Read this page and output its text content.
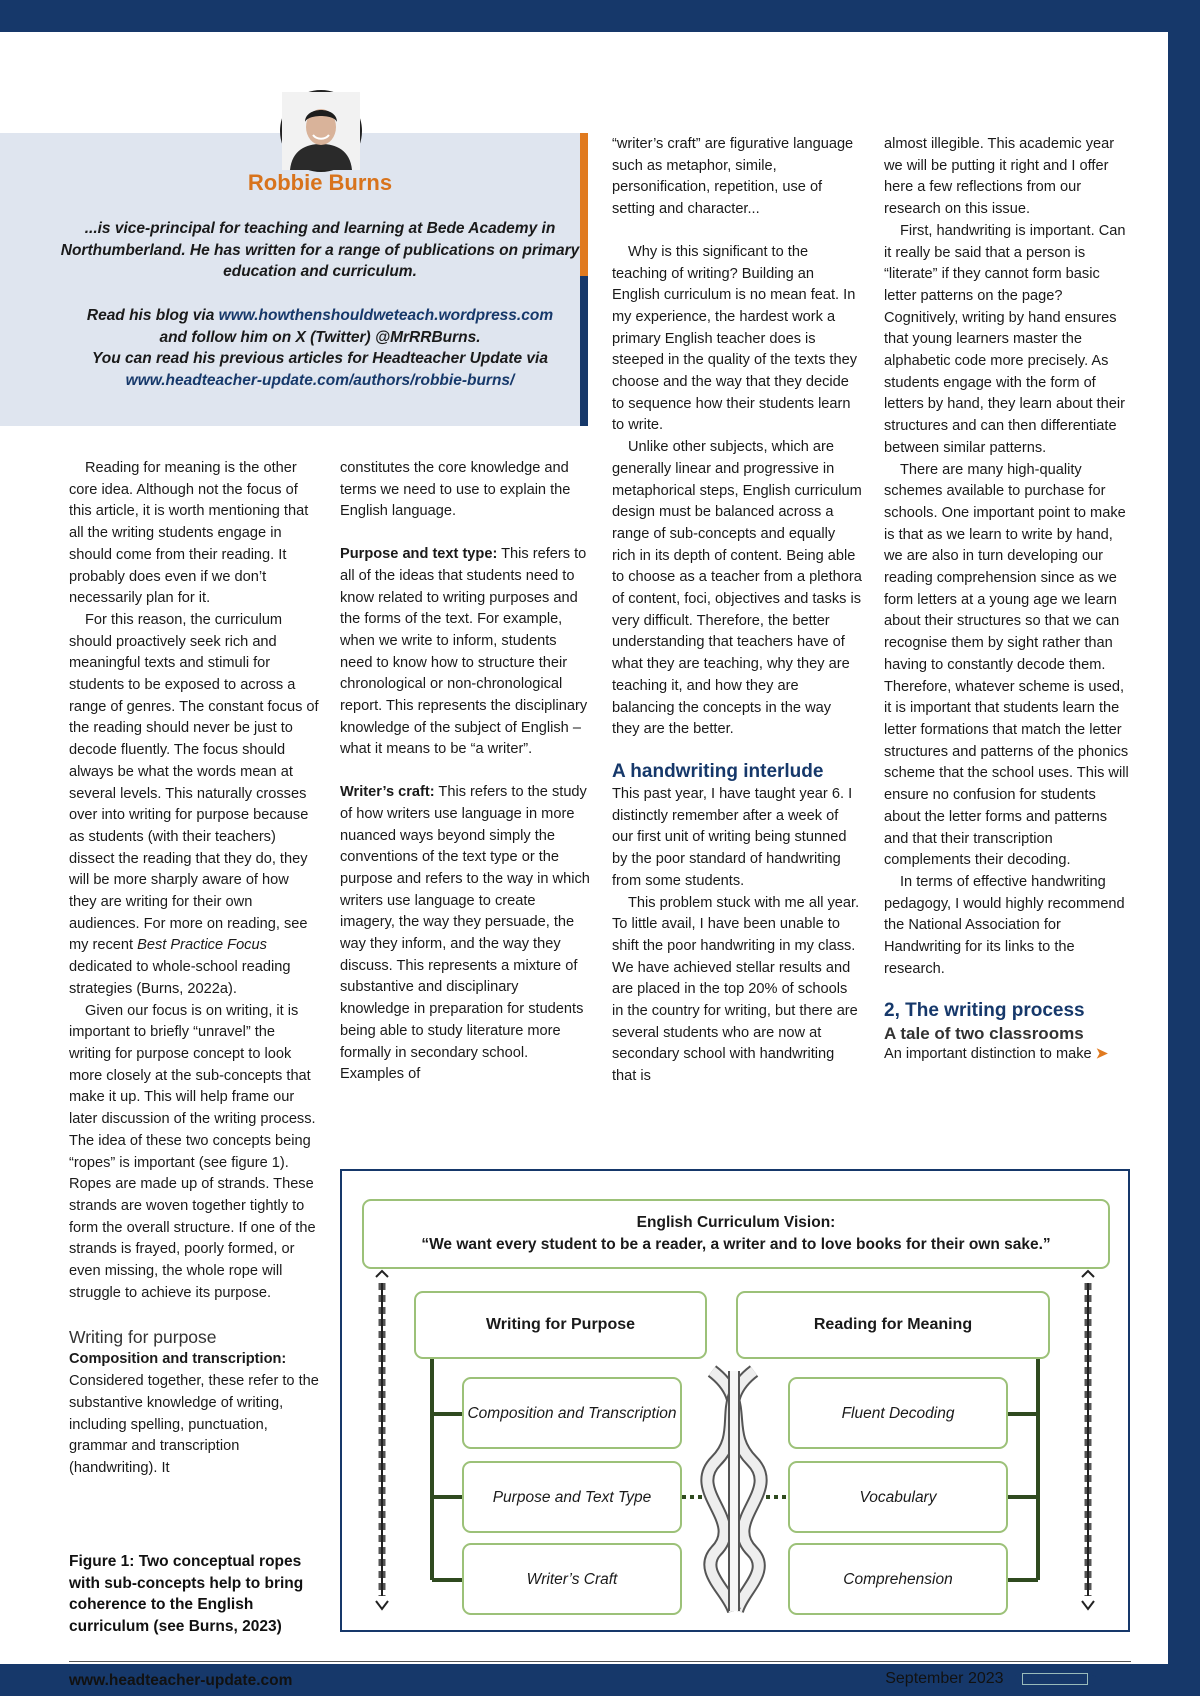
Robbie Burns
...is vice-principal for teaching and learning at Bede Academy in Northumberland. He has written for a range of publications on primary education and curriculum.
Read his blog via www.howthenshouldweteach.wordpress.com
and follow him on X (Twitter) @MrRRBurns.
You can read his previous articles for Headteacher Update via
www.headteacher-update.com/authors/robbie-burns/

Reading for meaning is the other core idea. Although not the focus of this article, it is worth mentioning that all the writing students engage in should come from their reading. It probably does even if we don’t necessarily plan for it.

For this reason, the curriculum should proactively seek rich and meaningful texts and stimuli for students to be exposed to across a range of genres. The constant focus of the reading should never be just to decode fluently. The focus should always be what the words mean at several levels. This naturally crosses over into writing for purpose because as students (with their teachers) dissect the reading that they do, they will be more sharply aware of how they are writing for their own audiences. For more on reading, see my recent Best Practice Focus dedicated to whole-school reading strategies (Burns, 2022a).

Given our focus is on writing, it is important to briefly “unravel” the writing for purpose concept to look more closely at the sub-concepts that make it up. This will help frame our later discussion of the writing process. The idea of these two concepts being “ropes” is important (see figure 1). Ropes are made up of strands. These strands are woven together tightly to form the overall structure. If one of the strands is frayed, poorly formed, or even missing, the whole rope will struggle to achieve its purpose.

Writing for purpose

Composition and transcription:
Considered together, these refer to the substantive knowledge of writing, including spelling, punctuation, grammar and transcription (handwriting). It

Figure 1: Two conceptual ropes with sub-concepts help to bring coherence to the English curriculum (see Burns, 2023)

constitutes the core knowledge and terms we need to use to explain the English language.

Purpose and text type: This refers to all of the ideas that students need to know related to writing purposes and the forms of the text. For example, when we write to inform, students need to know how to structure their chronological or non-chronological report. This represents the disciplinary knowledge of the subject of English – what it means to be “a writer”.

Writer’s craft: This refers to the study of how writers use language in more nuanced ways beyond simply the conventions of the text type or the purpose and refers to the way in which writers use language to create imagery, the way they persuade, the way they inform, and the way they discuss. This represents a mixture of substantive and disciplinary knowledge in preparation for students being able to study literature more formally in secondary school. Examples of

“writer’s craft” are figurative language such as metaphor, simile, personification, repetition, use of setting and character...

Why is this significant to the teaching of writing? Building an English curriculum is no mean feat. In my experience, the hardest work a primary English teacher does is steeped in the quality of the texts they choose and the way that they decide to sequence how their students learn to write.

Unlike other subjects, which are generally linear and progressive in metaphorical steps, English curriculum design must be balanced across a range of sub-concepts and equally rich in its depth of content. Being able to choose as a teacher from a plethora of content, foci, objectives and tasks is very difficult. Therefore, the better understanding that teachers have of what they are teaching, why they are teaching it, and how they are balancing the concepts in the way they are the better.

A handwriting interlude

This past year, I have taught year 6. I distinctly remember after a week of our first unit of writing being stunned by the poor standard of handwriting from some students.

This problem stuck with me all year. To little avail, I have been unable to shift the poor handwriting in my class. We have achieved stellar results and are placed in the top 20% of schools in the country for writing, but there are several students who are now at secondary school with handwriting that is

almost illegible. This academic year we will be putting it right and I offer here a few reflections from our research on this issue.

First, handwriting is important. Can it really be said that a person is “literate” if they cannot form basic letter patterns on the page? Cognitively, writing by hand ensures that young learners master the alphabetic code more precisely. As students engage with the form of letters by hand, they learn about their structures and can then differentiate between similar patterns.

There are many high-quality schemes available to purchase for schools. One important point to make is that as we learn to write by hand, we are also in turn developing our reading comprehension since as we form letters at a young age we learn about their structures so that we can recognise them by sight rather than having to constantly decode them. Therefore, whatever scheme is used, it is important that students learn the letter formations that match the letter structures and patterns of the phonics scheme that the school uses. This will ensure no confusion for students about the letter forms and patterns and that their transcription complements their decoding.

In terms of effective handwriting pedagogy, I would highly recommend the National Association for Handwriting for its links to the research.

2, The writing process
A tale of two classrooms

An important distinction to make ➤

English Curriculum Vision:
“We want every student to be a reader, a writer and to love books for their own sake.”
Writing for Purpose	Reading for Meaning
Composition and Transcription
Purpose and Text Type
Writer’s Craft
Fluent Decoding
Vocabulary
Comprehension
www.headteacher-update.com	September 2023 ◀ HEADTEACHER ▶
